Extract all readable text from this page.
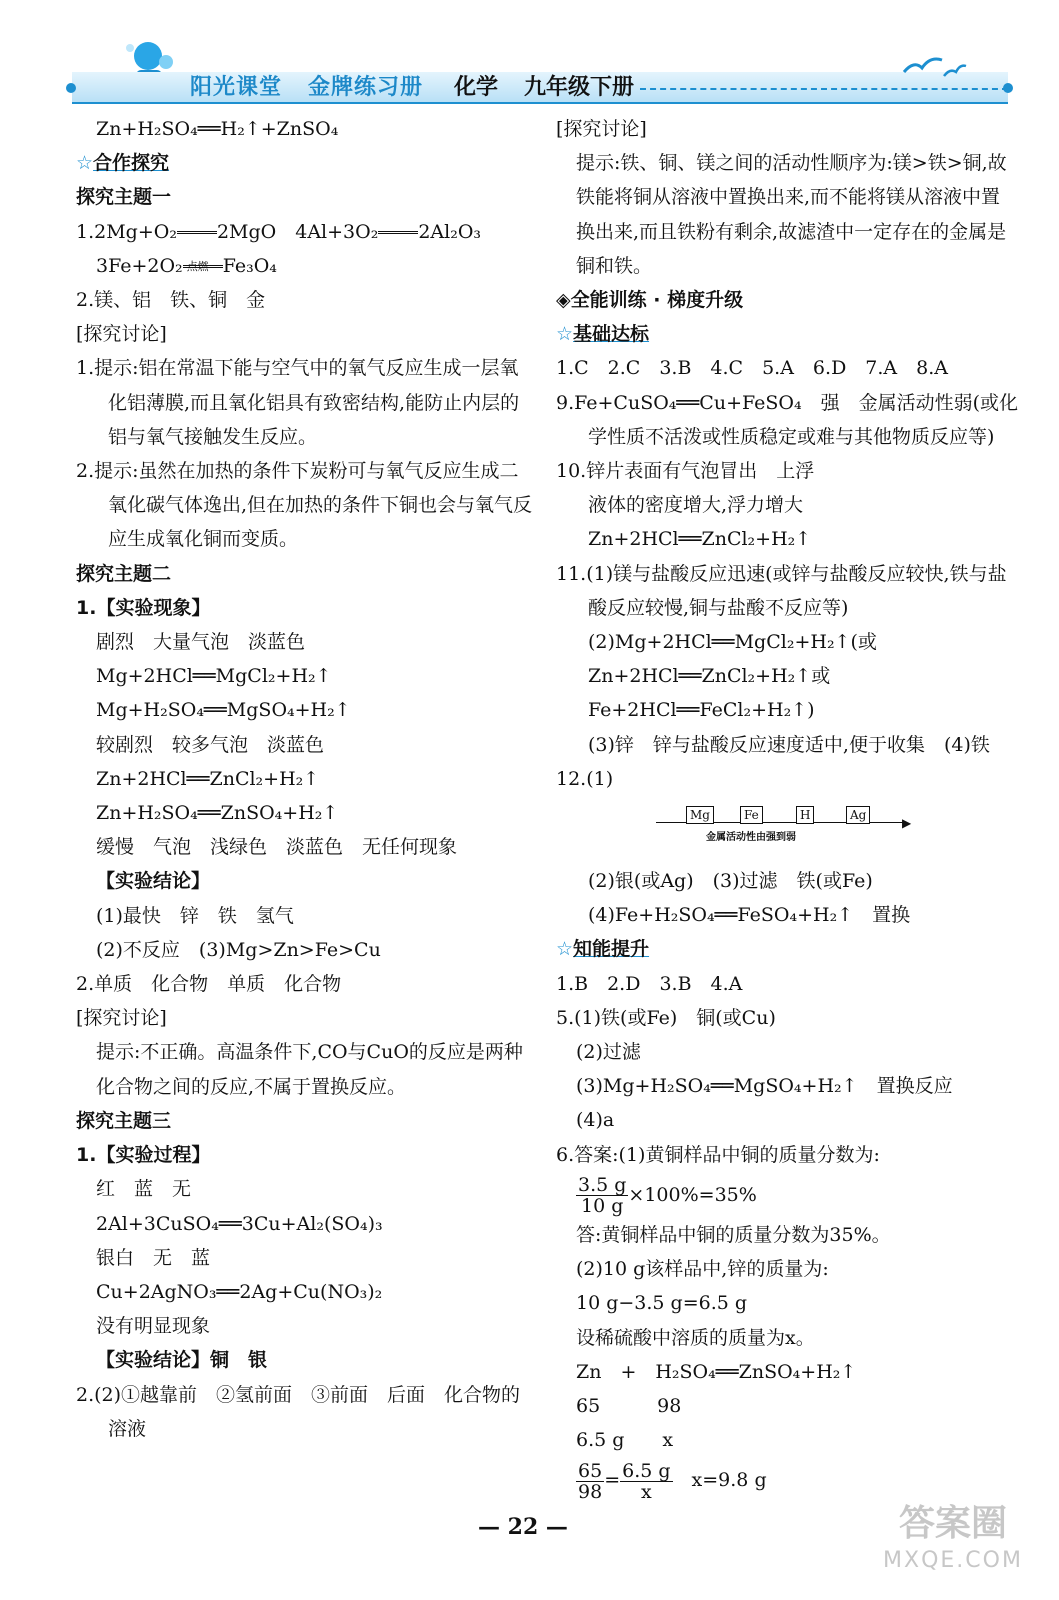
阳光课堂 金牌练习册 化学 九年级下册
Zn+H₂SO₄══H₂↑+ZnSO₄
☆合作探究
探究主题一
1.2Mg+O₂ 2MgO　4Al+3O₂ 2Al₂O₃
3Fe+2O₂ 点燃 Fe₃O₄
2.镁、铝　铁、铜　金
[探究讨论]
1.提示:铝在常温下能与空气中的氧气反应生成一层氧化铝薄膜,而且氧化铝具有致密结构,能防止内层的铝与氧气接触发生反应。
2.提示:虽然在加热的条件下炭粉可与氧气反应生成二氧化碳气体逸出,但在加热的条件下铜也会与氧气反应生成氧化铜而变质。
探究主题二
1.【实验现象】
剧烈　大量气泡　淡蓝色
Mg+2HCl══MgCl₂+H₂↑
Mg+H₂SO₄══MgSO₄+H₂↑
较剧烈　较多气泡　淡蓝色
Zn+2HCl══ZnCl₂+H₂↑
Zn+H₂SO₄══ZnSO₄+H₂↑
缓慢　气泡　浅绿色　淡蓝色　无任何现象
【实验结论】
(1)最快　锌　铁　氢气
(2)不反应　(3)Mg>Zn>Fe>Cu
2.单质　化合物　单质　化合物
[探究讨论]
提示:不正确。高温条件下,CO与CuO的反应是两种化合物之间的反应,不属于置换反应。
探究主题三
1.【实验过程】
红　蓝　无
2Al+3CuSO₄══3Cu+Al₂(SO₄)₃
银白　无　蓝
Cu+2AgNO₃══2Ag+Cu(NO₃)₂
没有明显现象
【实验结论】铜　银
2.(2)①越靠前　②氢前面　③前面　后面　化合物的溶液
[探究讨论]
提示:铁、铜、镁之间的活动性顺序为:镁>铁>铜,故铁能将铜从溶液中置换出来,而不能将镁从溶液中置换出来,而且铁粉有剩余,故滤渣中一定存在的金属是铜和铁。
◈全能训练 · 梯度升级
☆基础达标
1.C　2.C　3.B　4.C　5.A　6.D　7.A　8.A
9.Fe+CuSO₄══Cu+FeSO₄　强　金属活动性弱(或化学性质不活泼或性质稳定或难与其他物质反应等)
10.锌片表面有气泡冒出　上浮
液体的密度增大,浮力增大
Zn+2HCl══ZnCl₂+H₂↑
11.(1)镁与盐酸反应迅速(或锌与盐酸反应较快,铁与盐酸反应较慢,铜与盐酸不反应等)　(2)Mg+2HCl══MgCl₂+H₂↑(或Zn+2HCl══ZnCl₂+H₂↑或Fe+2HCl══FeCl₂+H₂↑)
(3)锌　锌与盐酸反应速度适中,便于收集　(4)铁
12.(1)
▶
Mg	Fe	H	Ag
金属活动性由强到弱
(2)银(或Ag)　(3)过滤　铁(或Fe)
(4)Fe+H₂SO₄══FeSO₄+H₂↑　置换
☆知能提升
1.B　2.D　3.B　4.A
5.(1)铁(或Fe)　铜(或Cu)
(2)过滤
(3)Mg+H₂SO₄══MgSO₄+H₂↑　置换反应
(4)a
6.答案:(1)黄铜样品中铜的质量分数为:
$\frac{3.5 g}{10 g} \times 100\%=35\%$
答:黄铜样品中铜的质量分数为35%。
(2)10 g该样品中,锌的质量为:
10 g−3.5 g=6.5 g
设稀硫酸中溶质的质量为x。
Zn　+　H₂SO₄══ZnSO₄+H₂↑
65　　　98
6.5 g　　x
$\frac{65}{98} = \frac{6.5 g}{x}$
　 x=9.8 g
— 22 —	答案圈
MXQE.COM
